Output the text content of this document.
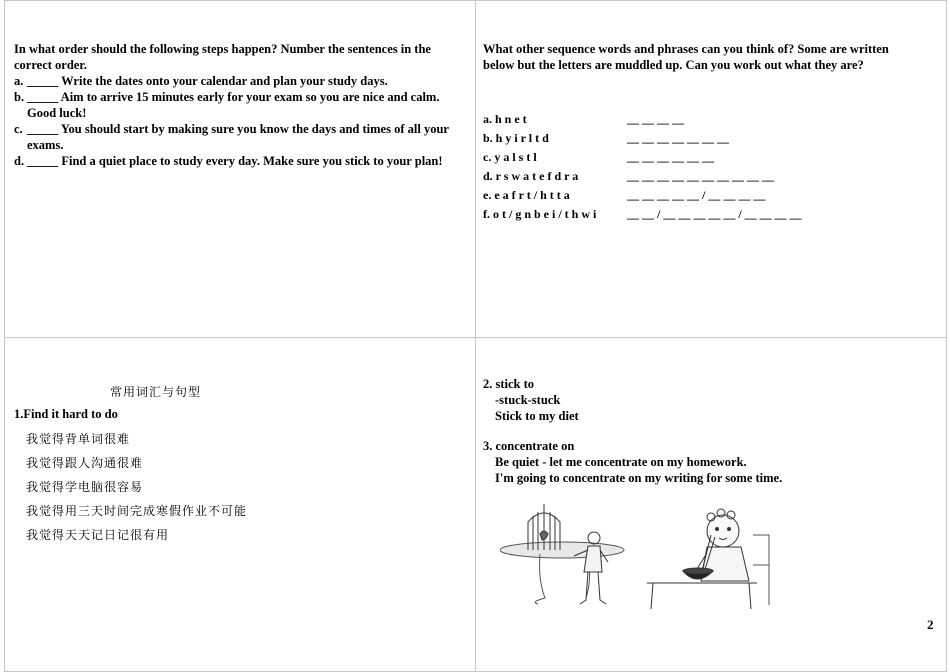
In what order should the following steps happen? Number the sentences in the correct order.
a. _____ Write the dates onto your calendar and plan your study days.
b. _____ Aim to arrive 15 minutes early for your exam so you are nice and calm. Good luck!
c. _____ You should start by making sure you know the days and times of all your exams.
d. _____ Find a quiet place to study every day. Make sure you stick to your plan!
What other sequence words and phrases can you think of? Some are written below but the letters are muddled up. Can you work out what they are?
a. h n e t	__ __ __ __
b. h y i r l t d	__ __ __ __ __ __ __
c. y a l s t l	__ __ __ __ __ __
d. r s w a t e f d r a	__ __ __ __ __ __ __ __ __ __
e. e a f r t / h t t a	__ __ __ __ __ / __ __ __ __
f. o t / g n b e i / t h w i	__ __ / __ __ __ __ __ / __ __ __ __
常用词汇与句型
1.Find it hard to do
我觉得背单词很难
我觉得跟人沟通很难
我觉得学电脑很容易
我觉得用三天时间完成寒假作业不可能
我觉得天天记日记很有用
2. stick to
-stuck-stuck
Stick to my diet
3. concentrate on
Be quiet - let me concentrate on my homework.
I'm going to concentrate on my writing for some time.
2
